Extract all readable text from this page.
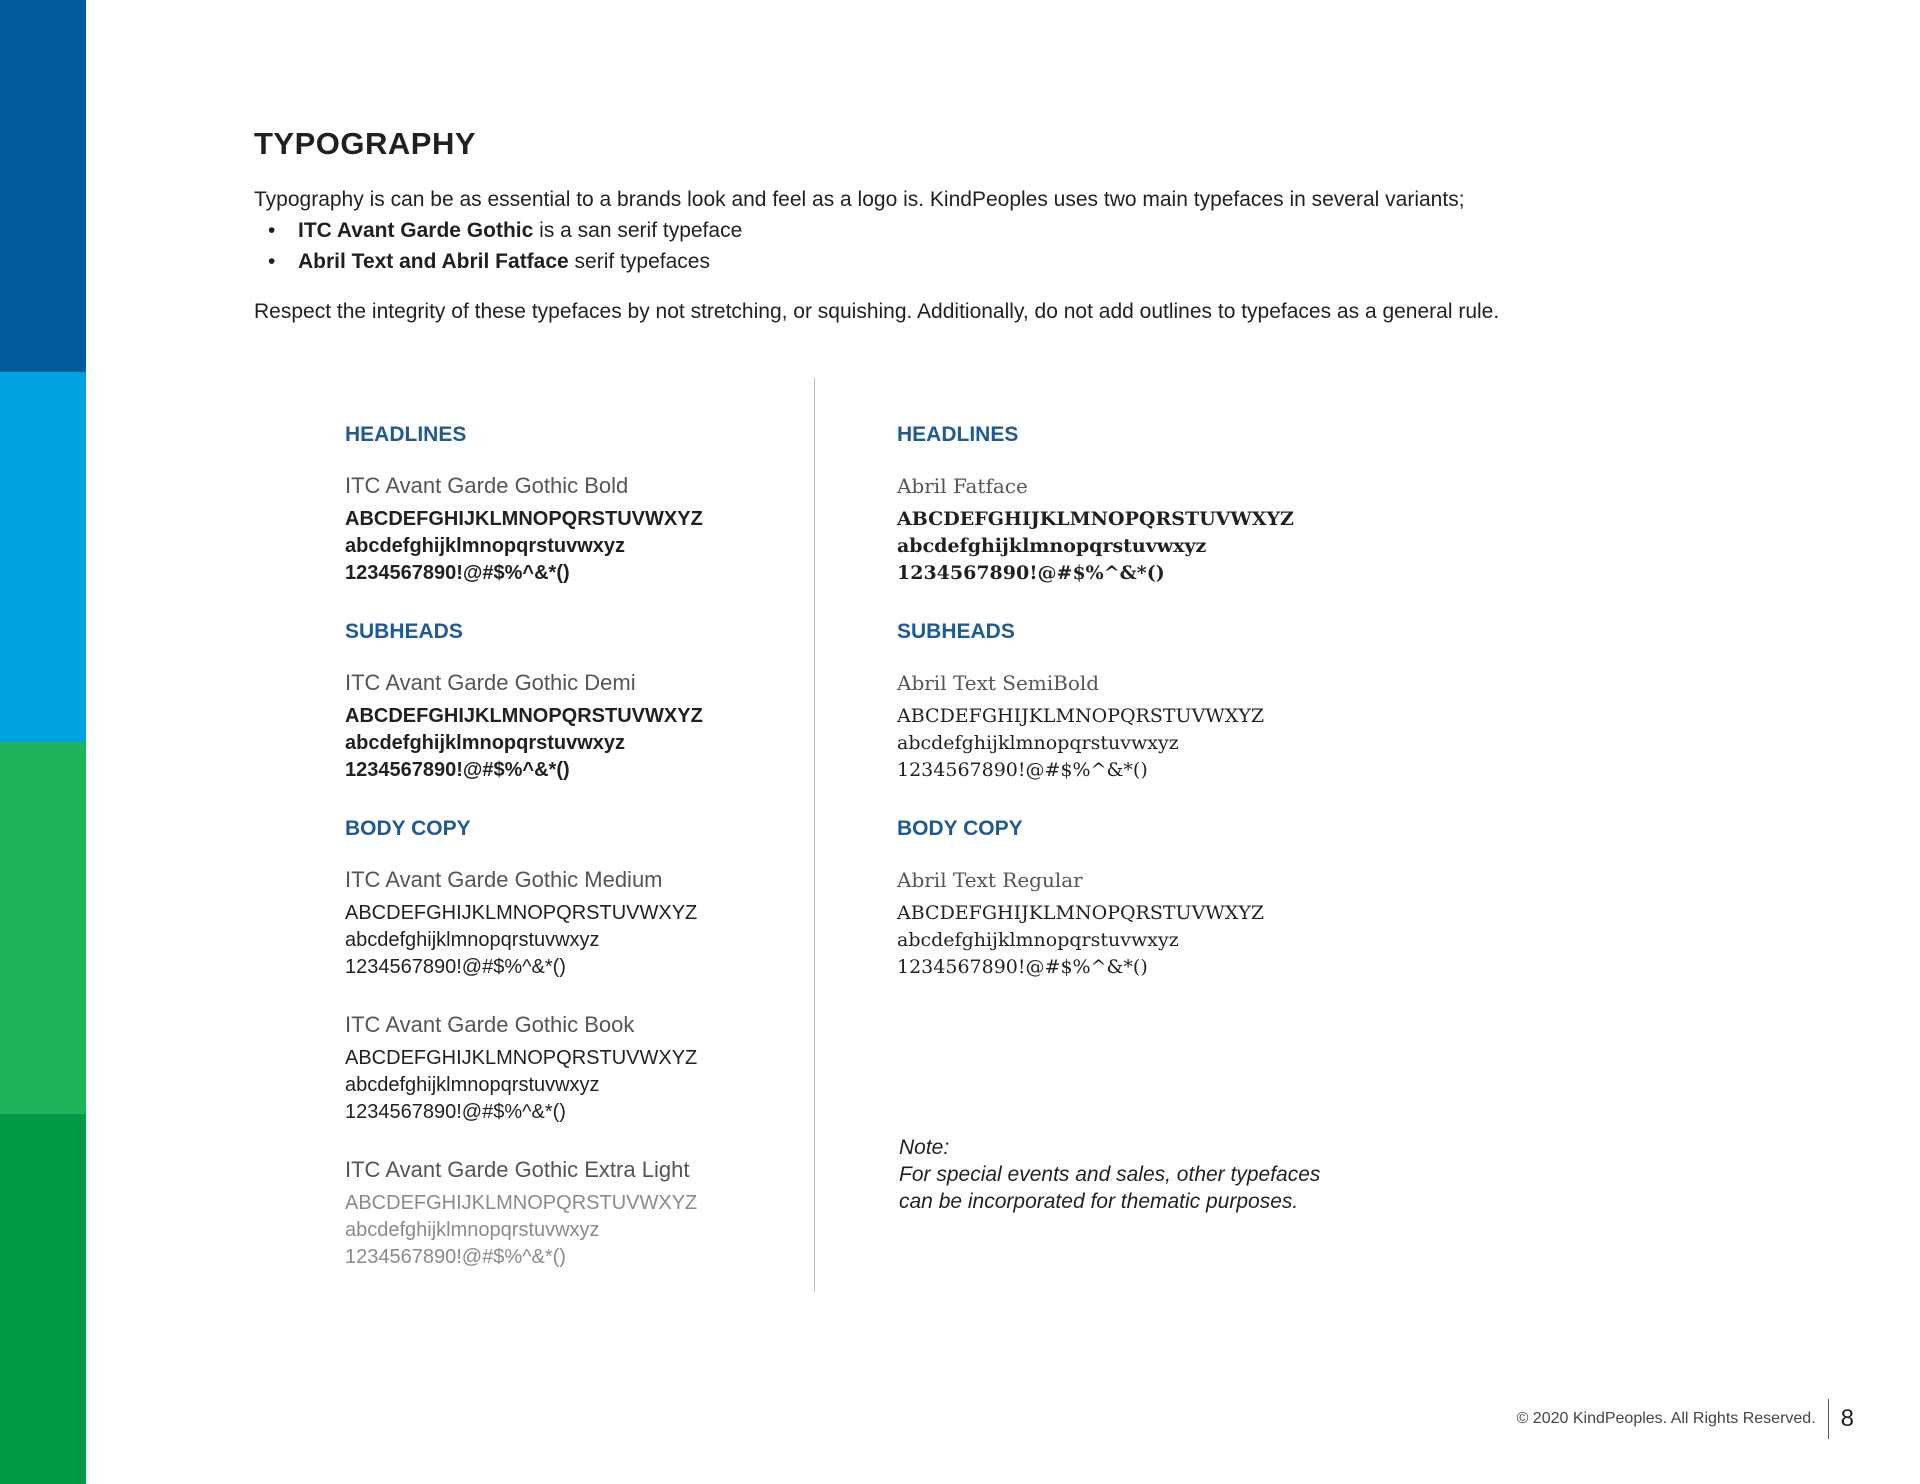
TYPOGRAPHY
Typography is can be as essential to a brands look and feel as a logo is. KindPeoples uses two main typefaces in several variants;
• ITC Avant Garde Gothic is a san serif typeface
• Abril Text and Abril Fatface serif typefaces
Respect the integrity of these typefaces by not stretching, or squishing. Additionally, do not add outlines to typefaces as a general rule.
HEADLINES
ITC Avant Garde Gothic Bold
ABCDEFGHIJKLMNOPQRSTUVWXYZ
abcdefghijklmnopqrstuvwxyz
1234567890!@#$%^&*()
SUBHEADS
ITC Avant Garde Gothic Demi
ABCDEFGHIJKLMNOPQRSTUVWXYZ
abcdefghijklmnopqrstuvwxyz
1234567890!@#$%^&*()
BODY COPY
ITC Avant Garde Gothic Medium
ABCDEFGHIJKLMNOPQRSTUVWXYZ
abcdefghijklmnopqrstuvwxyz
1234567890!@#$%^&*()
ITC Avant Garde Gothic Book
ABCDEFGHIJKLMNOPQRSTUVWXYZ
abcdefghijklmnopqrstuvwxyz
1234567890!@#$%^&*()
ITC Avant Garde Gothic Extra Light
ABCDEFGHIJKLMNOPQRSTUVWXYZ
abcdefghijklmnopqrstuvwxyz
1234567890!@#$%^&*()
HEADLINES
Abril Fatface
ABCDEFGHIJKLMNOPQRSTUVWXYZ
abcdefghijklmnopqrstuvwxyz
1234567890!@#$%^&*()
SUBHEADS
Abril Text SemiBold
ABCDEFGHIJKLMNOPQRSTUVWXYZ
abcdefghijklmnopqrstuvwxyz
1234567890!@#$%^&*()
BODY COPY
Abril Text Regular
ABCDEFGHIJKLMNOPQRSTUVWXYZ
abcdefghijklmnopqrstuvwxyz
1234567890!@#$%^&*()
Note:
For special events and sales, other typefaces
can be incorporated for thematic purposes.
© 2020 KindPeoples. All Rights Reserved. 8
